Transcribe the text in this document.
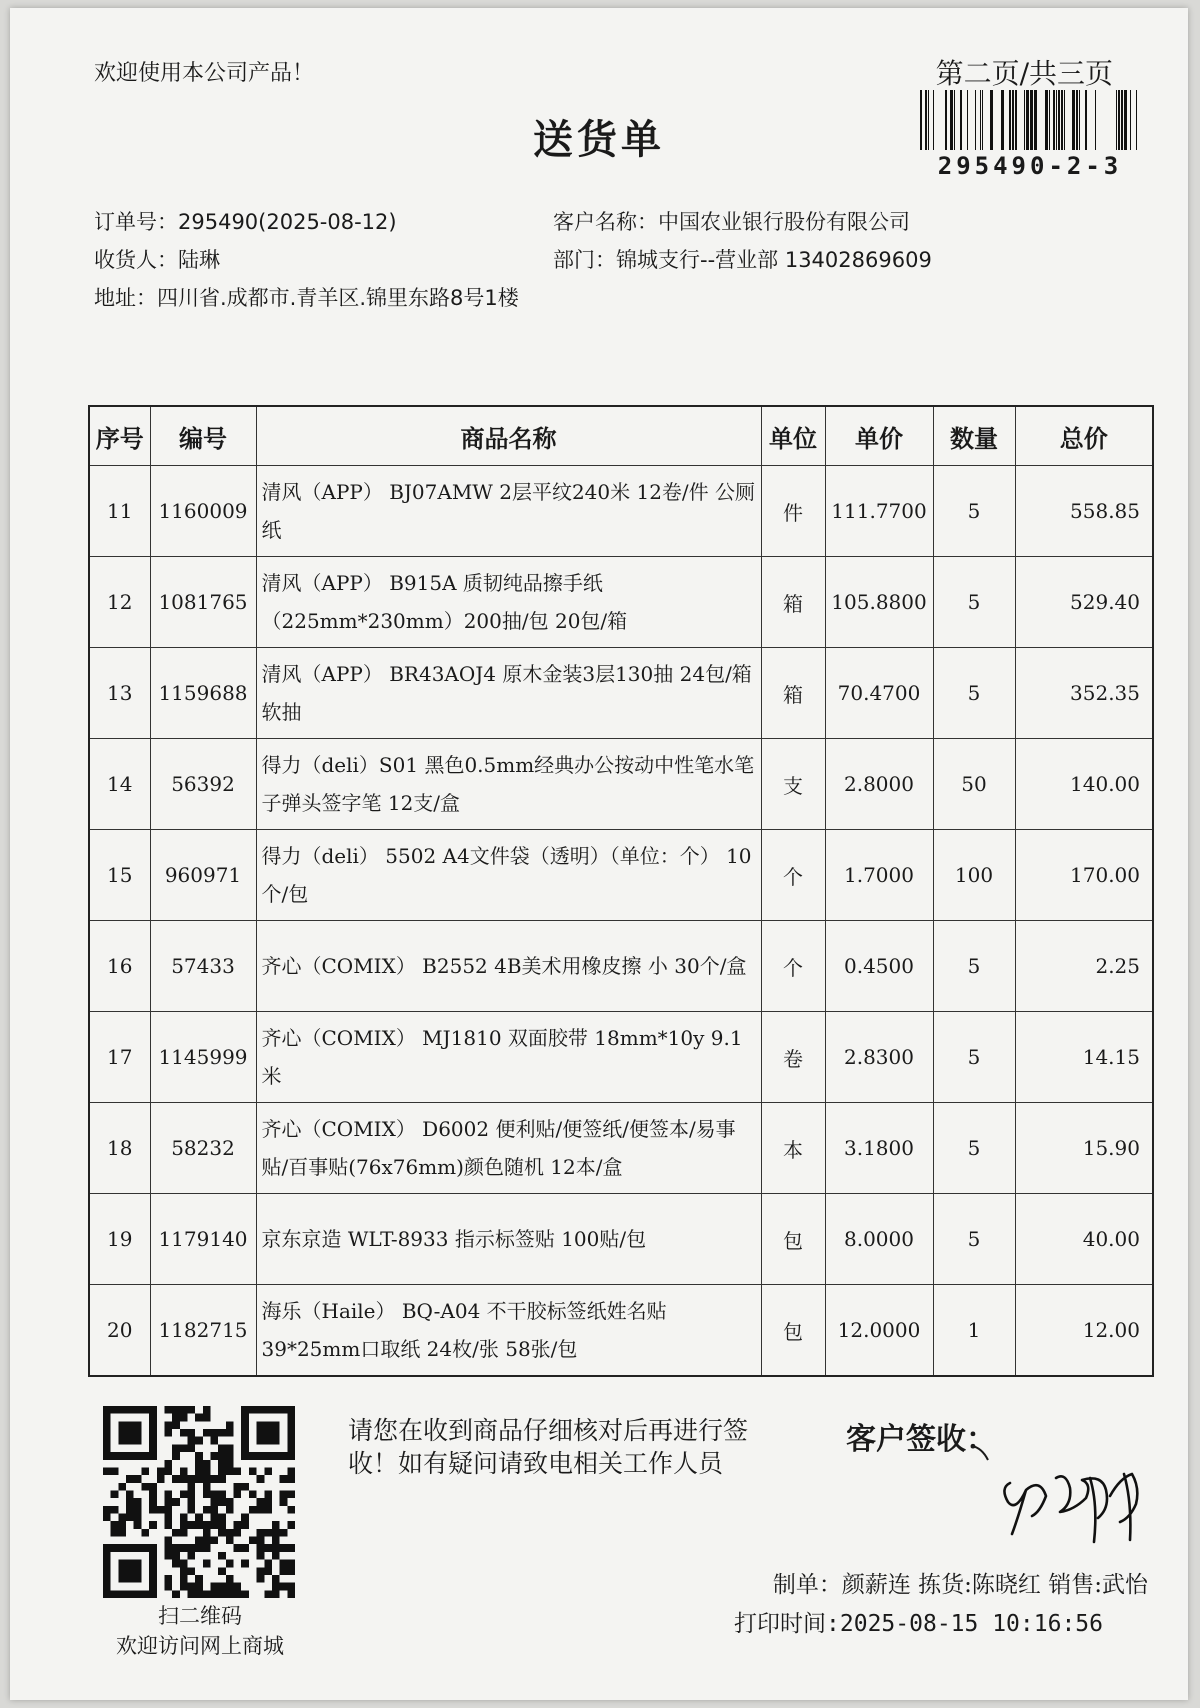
欢迎使用本公司产品！	第二页/共三页
送货单
295490-2-3
订单号：295490(2025-08-12)
收货人：陆琳
地址：四川省.成都市.青羊区.锦里东路8号1楼
客户名称：中国农业银行股份有限公司
部门：锦城支行--营业部 13402869609
序号	编号	商品名称	单位	单价	数量	总价
11	1160009	清风（APP） BJ07AMW 2层平纹240米 12卷/件 公厕纸	件	111.7700	5	558.85
12	1081765	清风（APP） B915A 质韧纯品擦手纸（225mm*230mm）200抽/包 20包/箱	箱	105.8800	5	529.40
13	1159688	清风（APP） BR43AOJ4 原木金装3层130抽 24包/箱 软抽	箱	70.4700	5	352.35
14	56392	得力（deli）S01 黑色0.5mm经典办公按动中性笔水笔 子弹头签字笔 12支/盒	支	2.8000	50	140.00
15	960971	得力（deli） 5502 A4文件袋（透明）（单位：个） 10个/包	个	1.7000	100	170.00
16	57433	齐心（COMIX） B2552 4B美术用橡皮擦 小 30个/盒	个	0.4500	5	2.25
17	1145999	齐心（COMIX） MJ1810 双面胶带 18mm*10y 9.1米	卷	2.8300	5	14.15
18	58232	齐心（COMIX） D6002 便利贴/便签纸/便签本/易事贴/百事贴(76x76mm)颜色随机 12本/盒	本	3.1800	5	15.90
19	1179140	京东京造 WLT-8933 指示标签贴 100贴/包	包	8.0000	5	40.00
20	1182715	海乐（Haile） BQ-A04 不干胶标签纸姓名贴39*25mm口取纸 24枚/张 58张/包	包	12.0000	1	12.00
扫二维码
欢迎访问网上商城
请您在收到商品仔细核对后再进行签收！如有疑问请致电相关工作人员
客户签收：
制单：颜薪连 拣货:陈晓红 销售:武怡
打印时间:2025-08-15 10:16:56
